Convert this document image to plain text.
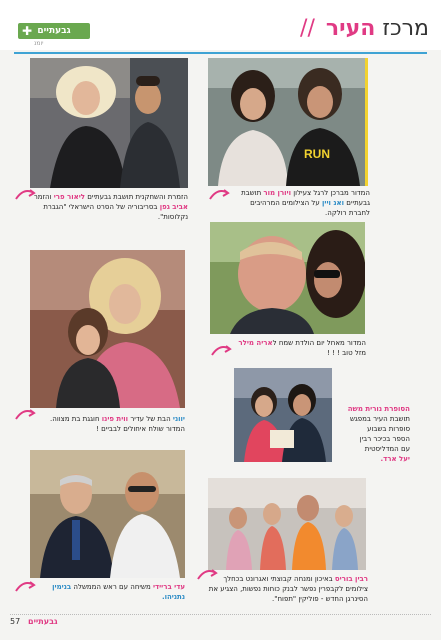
מרכז העיר //
גבעתיים
✚
יומנ
הזמרת והשחקנית תושבת גבעתיים ליאור פרי והזמר אביב גפן בסריבוריה של הסרט הישראלי "הגברת נקלוסות".
RUN
המדור מברכן לרגל צעילון ויורן מור תושבת גבעתיים ואנ ויין על הצילומים המרהיבים לחברת רולקה.
יווני הבת של עדיר ווית פינו חוגגת בת מצווה. המדור שולח איחולים לבביים !
המדור מאחל יום הולדת שמח לאריה מילר
מזל טוב ! ! !
הסופרת נורית משה
תושבת העיר במפגש
סופרות בשבוע
הספר בכיכר רבין
עם המדליסטית
יעל ארד.
עדי בריידי משיחה עם ראש הממשלה בנימין נתניהו.
רבין בוריס באיכון ומנחה קבוצתי ואגרונט בכחלך צילומים לקבפרין נפשר לבנק כוחות נפשות, הצגיע את הסינרגן החדש - פוליקין "תפוח".
57 גבעתיים
